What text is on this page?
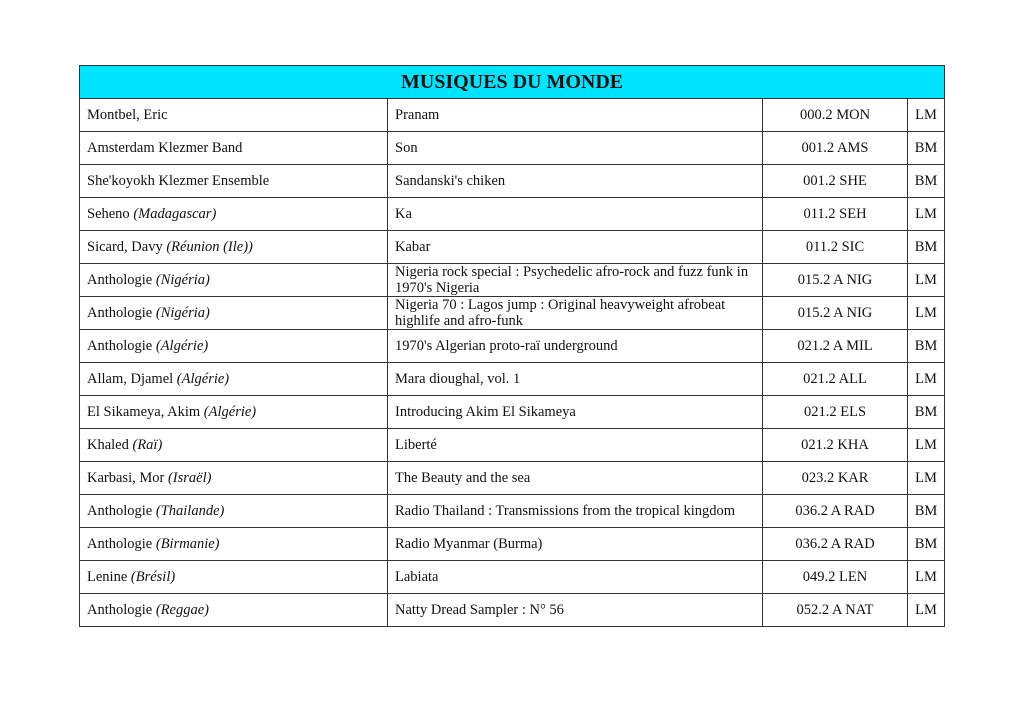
MUSIQUES DU MONDE			
Montbel, Eric	Pranam	000.2 MON	LM
Amsterdam Klezmer Band	Son	001.2 AMS	BM
She'koyokh Klezmer Ensemble	Sandanski's chiken	001.2 SHE	BM
Seheno (Madagascar)	Ka	011.2 SEH	LM
Sicard, Davy (Réunion (Ile))	Kabar	011.2 SIC	BM
Anthologie (Nigéria)	Nigeria rock special : Psychedelic afro-rock and fuzz funk in 1970's Nigeria	015.2 A NIG	LM
Anthologie (Nigéria)	Nigeria 70 : Lagos jump : Original heavyweight afrobeat highlife and afro-funk	015.2 A NIG	LM
Anthologie (Algérie)	1970's Algerian proto-raï underground	021.2 A MIL	BM
Allam, Djamel (Algérie)	Mara dioughal, vol. 1	021.2 ALL	LM
El Sikameya, Akim (Algérie)	Introducing Akim El Sikameya	021.2 ELS	BM
Khaled (Raï)	Liberté	021.2 KHA	LM
Karbasi, Mor (Israël)	The Beauty and the sea	023.2 KAR	LM
Anthologie (Thailande)	Radio Thailand : Transmissions from the tropical kingdom	036.2 A RAD	BM
Anthologie (Birmanie)	Radio Myanmar (Burma)	036.2 A RAD	BM
Lenine (Brésil)	Labiata	049.2 LEN	LM
Anthologie (Reggae)	Natty Dread Sampler : N° 56	052.2 A NAT	LM
